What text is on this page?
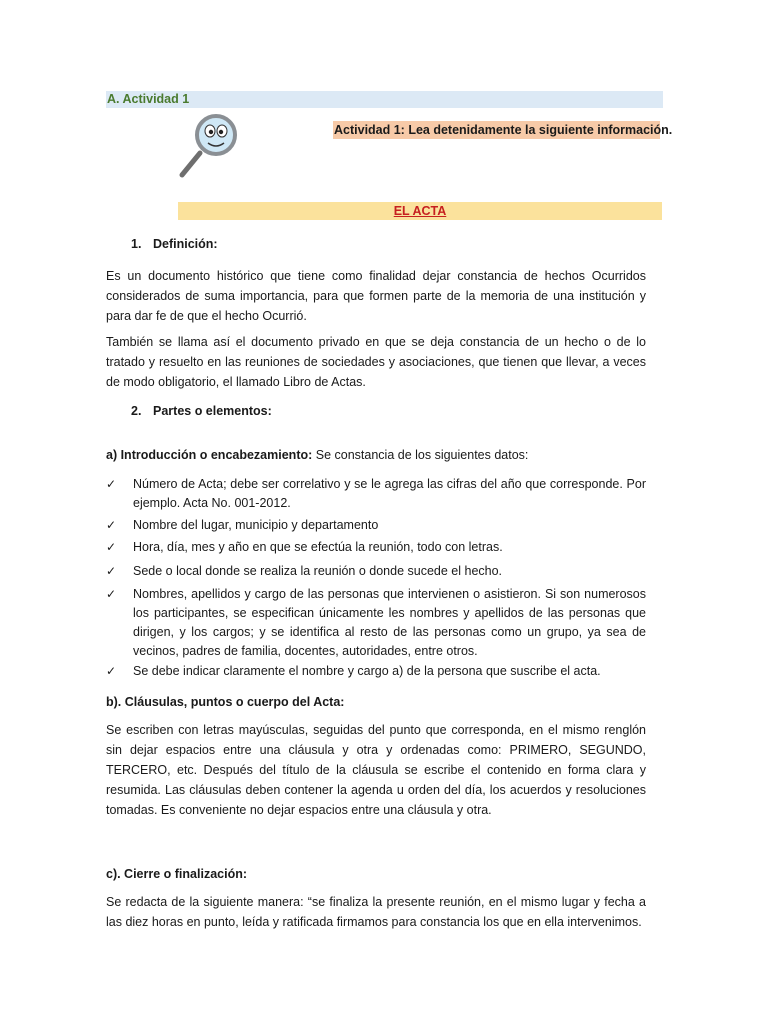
A. Actividad 1
Actividad 1: Lea detenidamente la siguiente información.
EL ACTA
1. Definición:
Es un documento histórico que tiene como finalidad dejar constancia de hechos Ocurridos considerados de suma importancia, para que formen parte de la memoria de una institución y para dar fe de que el hecho Ocurrió.
También se llama así el documento privado en que se deja constancia de un hecho o de lo tratado y resuelto en las reuniones de sociedades y asociaciones, que tienen que llevar, a veces de modo obligatorio, el llamado Libro de Actas.
2. Partes o elementos:
a) Introducción o encabezamiento: Se constancia de los siguientes datos:
✓ Número de Acta; debe ser correlativo y se le agrega las cifras del año que corresponde. Por ejemplo. Acta No. 001-2012.
✓ Nombre del lugar, municipio y departamento
✓ Hora, día, mes y año en que se efectúa la reunión, todo con letras.
✓ Sede o local donde se realiza la reunión o donde sucede el hecho.
✓ Nombres, apellidos y cargo de las personas que intervienen o asistieron. Si son numerosos los participantes, se especifican únicamente les nombres y apellidos de las personas que dirigen, y los cargos; y se identifica al resto de las personas como un grupo, ya sea de vecinos, padres de familia, docentes, autoridades, entre otros.
✓ Se debe indicar claramente el nombre y cargo a) de la persona que suscribe el acta.
b). Cláusulas, puntos o cuerpo del Acta:
Se escriben con letras mayúsculas, seguidas del punto que corresponda, en el mismo renglón sin dejar espacios entre una cláusula y otra y ordenadas como: PRIMERO, SEGUNDO, TERCERO, etc. Después del título de la cláusula se escribe el contenido en forma clara y resumida. Las cláusulas deben contener la agenda u orden del día, los acuerdos y resoluciones tomadas. Es conveniente no dejar espacios entre una cláusula y otra.
c). Cierre o finalización:
Se redacta de la siguiente manera: “se finaliza la presente reunión, en el mismo lugar y fecha a las diez horas en punto, leída y ratificada firmamos para constancia los que en ella intervenimos.
